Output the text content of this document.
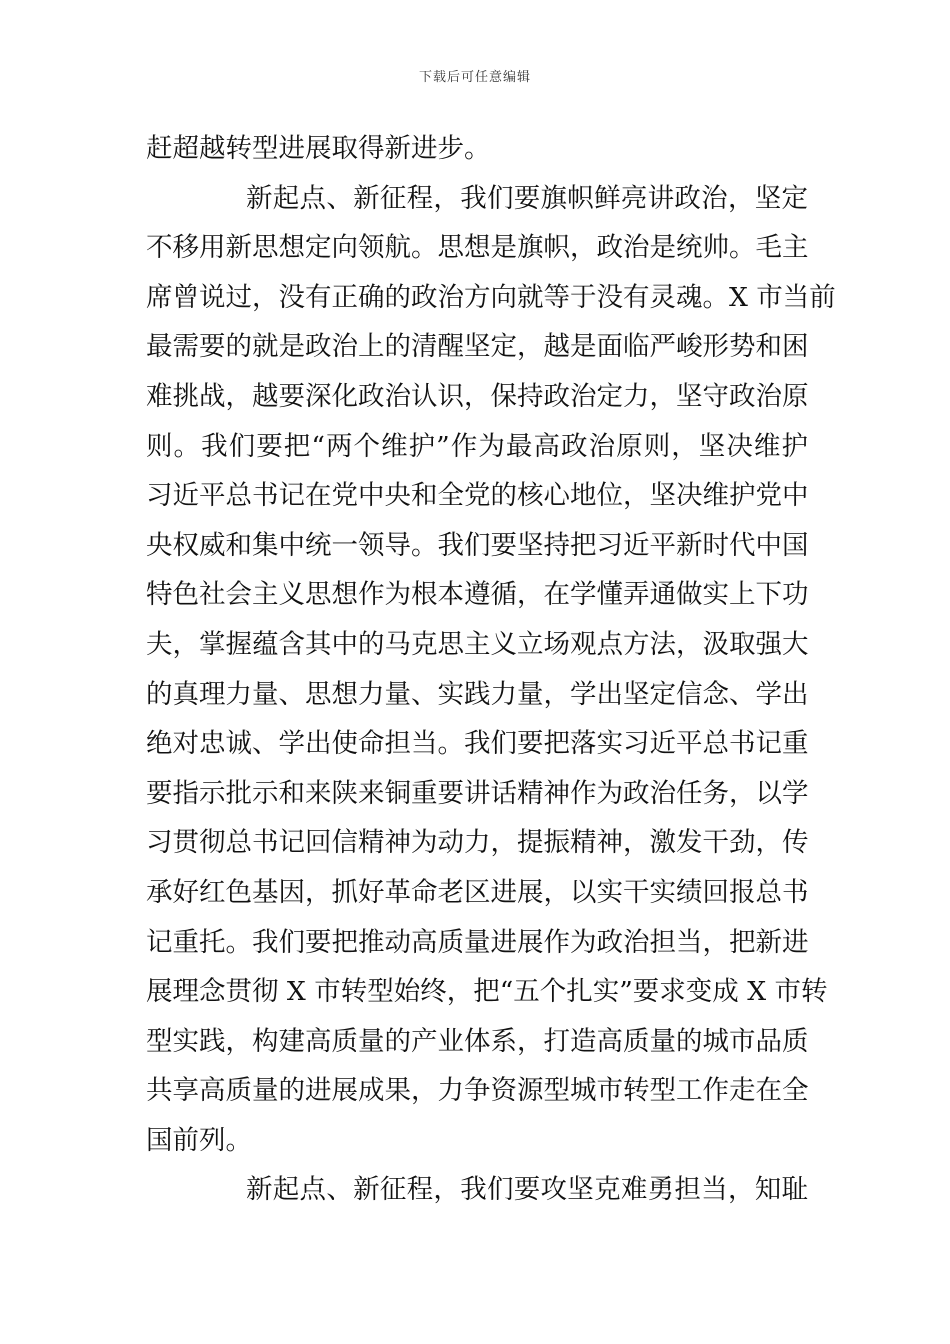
下载后可任意编辑
赶超越转型进展取得新进步。
新起点、新征程，我们要旗帜鲜亮讲政治，坚定
不移用新思想定向领航。思想是旗帜，政治是统帅。毛主
席曾说过，没有正确的政治方向就等于没有灵魂。X 市当前
最需要的就是政治上的清醒坚定，越是面临严峻形势和困
难挑战，越要深化政治认识，保持政治定力，坚守政治原
则。我们要把“两个维护”作为最高政治原则，坚决维护
习近平总书记在党中央和全党的核心地位，坚决维护党中
央权威和集中统一领导。我们要坚持把习近平新时代中国
特色社会主义思想作为根本遵循，在学懂弄通做实上下功
夫，掌握蕴含其中的马克思主义立场观点方法，汲取强大
的真理力量、思想力量、实践力量，学出坚定信念、学出
绝对忠诚、学出使命担当。我们要把落实习近平总书记重
要指示批示和来陕来铜重要讲话精神作为政治任务，以学
习贯彻总书记回信精神为动力，提振精神，激发干劲，传
承好红色基因，抓好革命老区进展，以实干实绩回报总书
记重托。我们要把推动高质量进展作为政治担当，把新进
展理念贯彻 X 市转型始终，把“五个扎实”要求变成 X 市转
型实践，构建高质量的产业体系，打造高质量的城市品质
共享高质量的进展成果，力争资源型城市转型工作走在全
国前列。
新起点、新征程，我们要攻坚克难勇担当，知耻
